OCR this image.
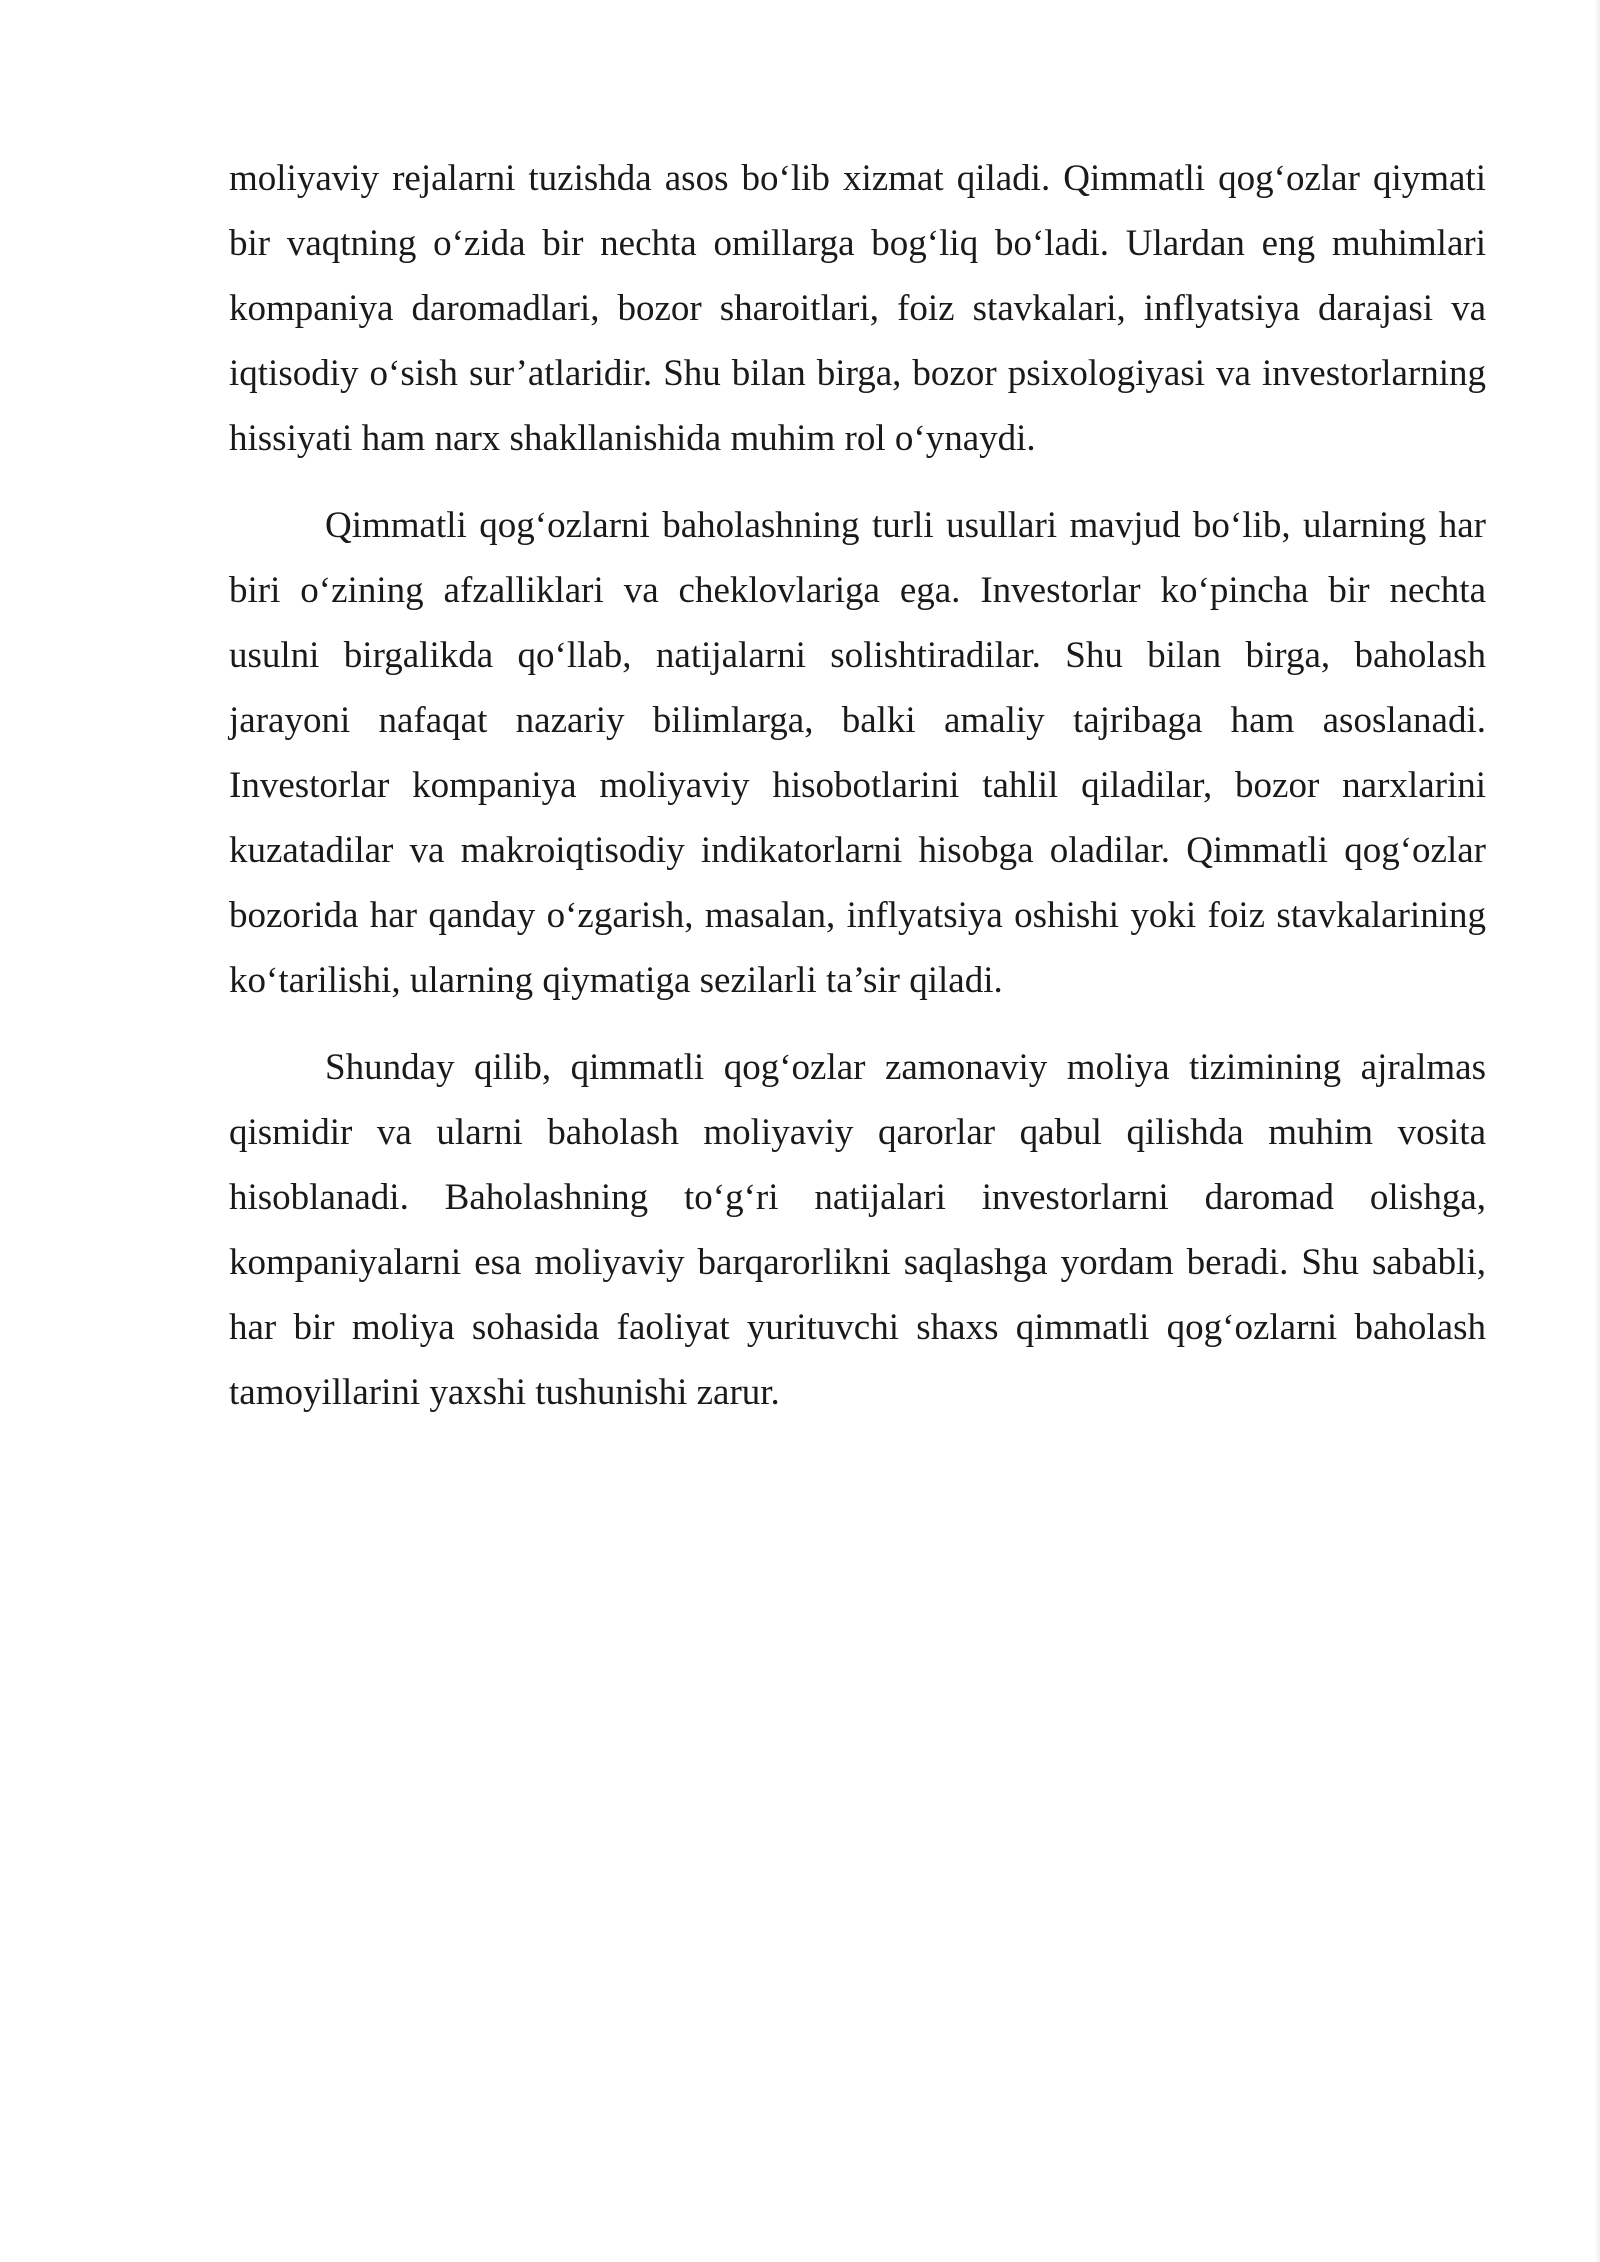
moliyaviy rejalarni tuzishda asos bo‘lib xizmat qiladi. Qimmatli qog‘ozlar qiymati bir vaqtning o‘zida bir nechta omillarga bog‘liq bo‘ladi. Ulardan eng muhimlari kompaniya daromadlari, bozor sharoitlari, foiz stavkalari, inflyatsiya darajasi va iqtisodiy o‘sish sur’atlaridir. Shu bilan birga, bozor psixologiyasi va investorlarning hissiyati ham narx shakllanishida muhim rol o‘ynaydi.

Qimmatli qog‘ozlarni baholashning turli usullari mavjud bo‘lib, ularning har biri o‘zining afzalliklari va cheklovlariga ega. Investorlar ko‘pincha bir nechta usulni birgalikda qo‘llab, natijalarni solishtiradilar. Shu bilan birga, baholash jarayoni nafaqat nazariy bilimlarga, balki amaliy tajribaga ham asoslanadi. Investorlar kompaniya moliyaviy hisobotlarini tahlil qiladilar, bozor narxlarini kuzatadilar va makroiqtisodiy indikatorlarni hisobga oladilar. Qimmatli qog‘ozlar bozorida har qanday o‘zgarish, masalan, inflyatsiya oshishi yoki foiz stavkalarining ko‘tarilishi, ularning qiymatiga sezilarli ta’sir qiladi.

Shunday qilib, qimmatli qog‘ozlar zamonaviy moliya tizimining ajralmas qismidir va ularni baholash moliyaviy qarorlar qabul qilishda muhim vosita hisoblanadi. Baholashning to‘g‘ri natijalari investorlarni daromad olishga, kompaniyalarni esa moliyaviy barqarorlikni saqlashga yordam beradi. Shu sababli, har bir moliya sohasida faoliyat yurituvchi shaxs qimmatli qog‘ozlarni baholash tamoyillarini yaxshi tushunishi zarur.
